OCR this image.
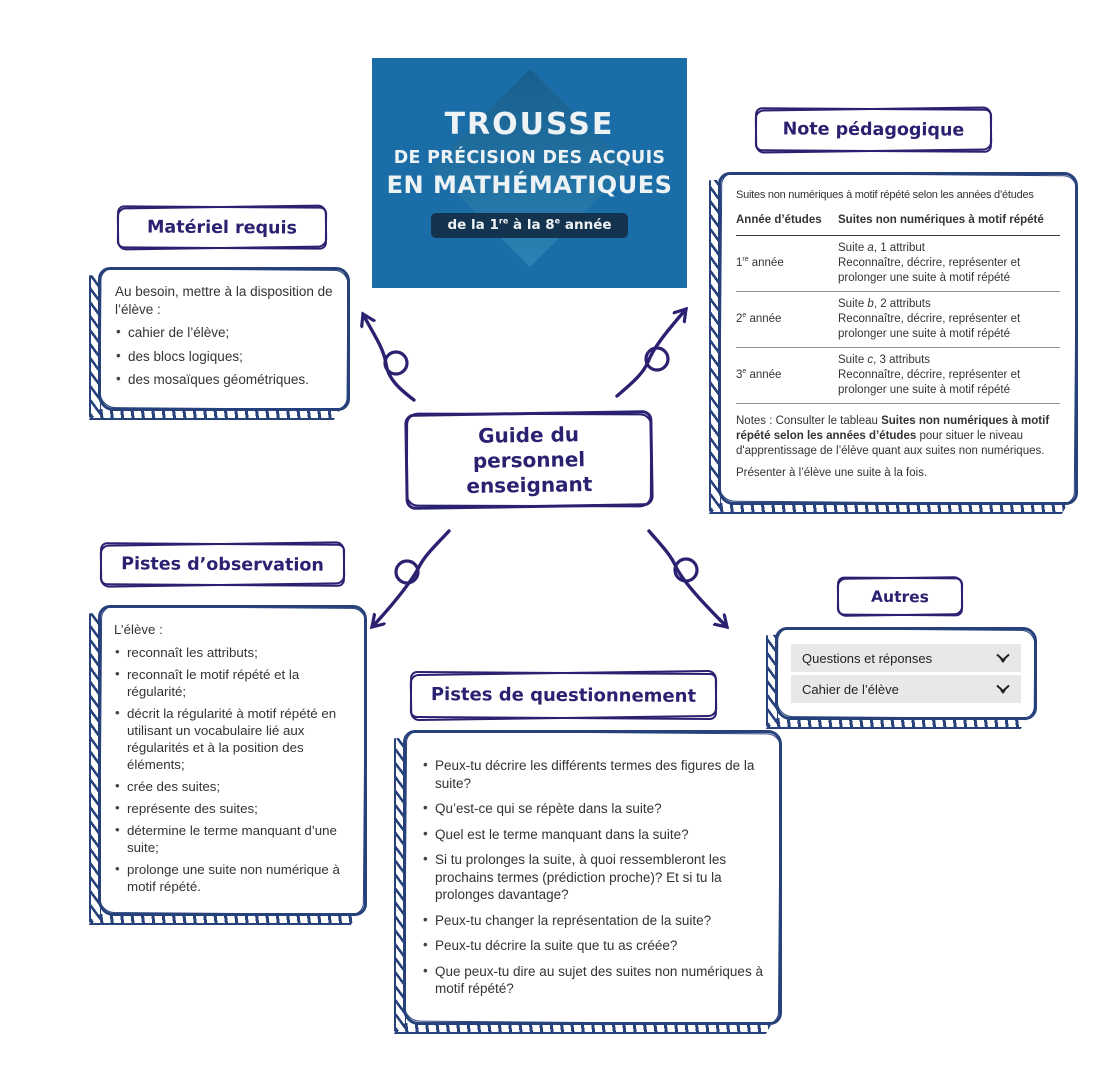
TROUSSE
DE PRÉCISION DES ACQUIS
EN MATHÉMATIQUES
de la 1re à la 8e année
Guide du personnel enseignant
Matériel requis

Au besoin, mettre à la disposition de l’élève :

• cahier de l’élève;
• des blocs logiques;
• des mosaïques géométriques.
Note pédagogique
Suites non numériques à motif répété selon les années d’études
Année d’études	Suites non numériques à motif répété
1re année
Suite a, 1 attribut
Reconnaître, décrire, représenter et prolonger une suite à motif répété
2e année
Suite b, 2 attributs
Reconnaître, décrire, représenter et prolonger une suite à motif répété
3e année
Suite c, 3 attributs
Reconnaître, décrire, représenter et prolonger une suite à motif répété

Notes : Consulter le tableau Suites non numériques à motif répété selon les années d’études pour situer le niveau d'apprentissage de l’élève quant aux suites non numériques.

Présenter à l’élève une suite à la fois.

Pistes d’observation

L’élève :

• reconnaît les attributs;
• reconnaît le motif répété et la régularité;
• décrit la régularité à motif répété en utilisant un vocabulaire lié aux régularités et à la position des éléments;
• crée des suites;
• représente des suites;
• détermine le terme manquant d’une suite;
• prolonge une suite non numérique à motif répété.
Pistes de questionnement
• Peux-tu décrire les différents termes des figures de la suite?
• Qu’est-ce qui se répète dans la suite?
• Quel est le terme manquant dans la suite?
• Si tu prolonges la suite, à quoi ressembleront les prochains termes (prédiction proche)? Et si tu la prolonges davantage?
• Peux-tu changer la représentation de la suite?
• Peux-tu décrire la suite que tu as créée?
• Que peux-tu dire au sujet des suites non numériques à motif répété?
Autres
Questions et réponses
Cahier de l’élève
